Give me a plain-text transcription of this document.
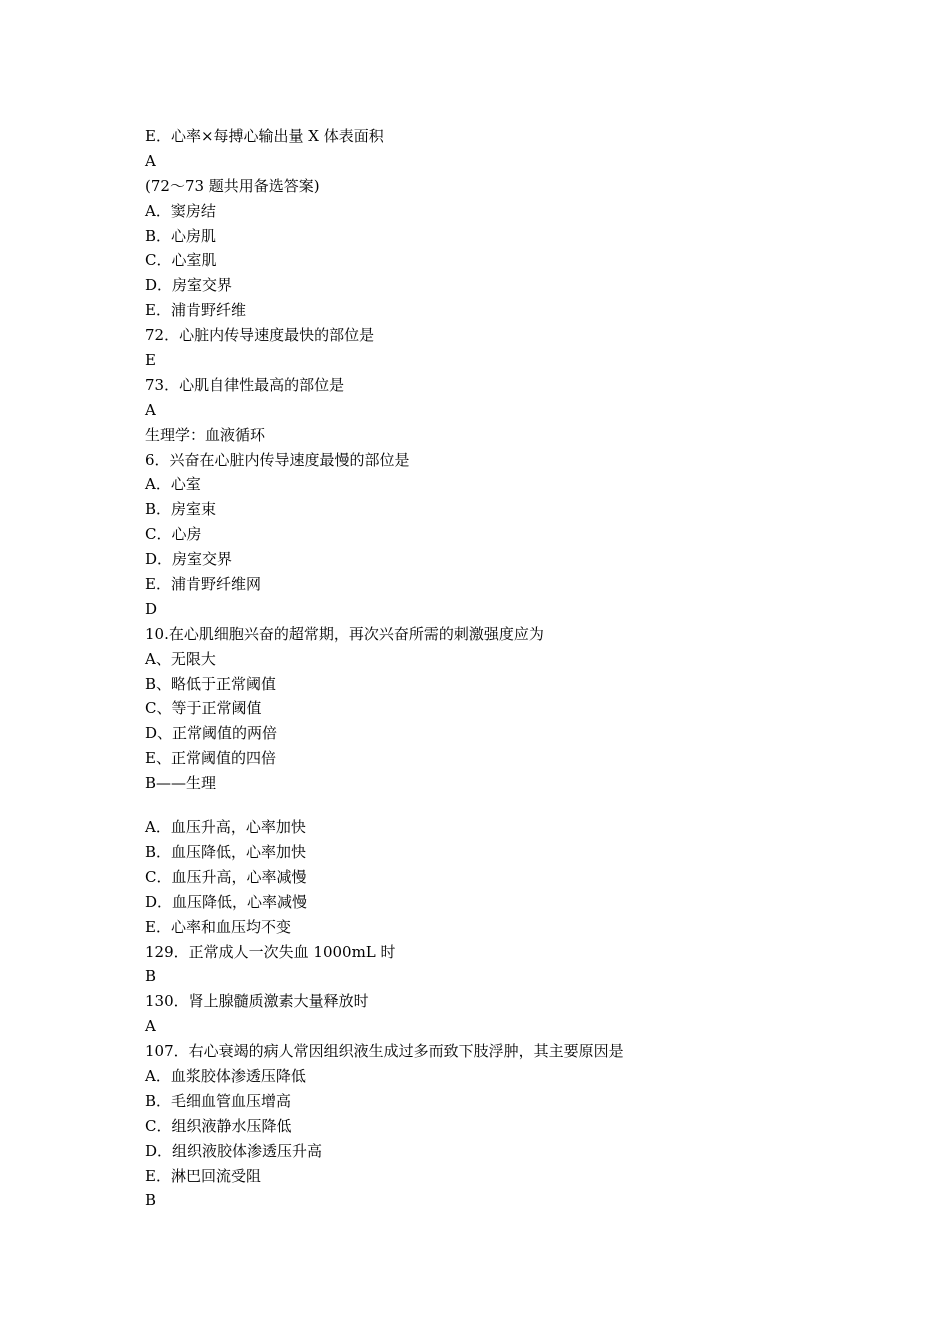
E．心率×每搏心输出量 X 体表面积
A
(72～73 题共用备选答案)
A．窦房结
B．心房肌
C．心室肌
D．房室交界
E．浦肯野纤维
72．心脏内传导速度最快的部位是
E
73．心肌自律性最高的部位是
A
生理学：血液循环
6．兴奋在心脏内传导速度最慢的部位是
A．心室
B．房室束
C．心房
D．房室交界
E．浦肯野纤维网
D
10.在心肌细胞兴奋的超常期，再次兴奋所需的刺激强度应为
A、无限大
B、略低于正常阈值
C、等于正常阈值
D、正常阈值的两倍
E、正常阈值的四倍
B——生理
A．血压升高，心率加快
B．血压降低，心率加快
C．血压升高，心率减慢
D．血压降低，心率减慢
E．心率和血压均不变
129．正常成人一次失血 1000mL 时
B
130．肾上腺髓质激素大量释放时
A
107．右心衰竭的病人常因组织液生成过多而致下肢浮肿，其主要原因是
A．血浆胶体渗透压降低
B．毛细血管血压增高
C．组织液静水压降低
D．组织液胶体渗透压升高
E．淋巴回流受阻
B
